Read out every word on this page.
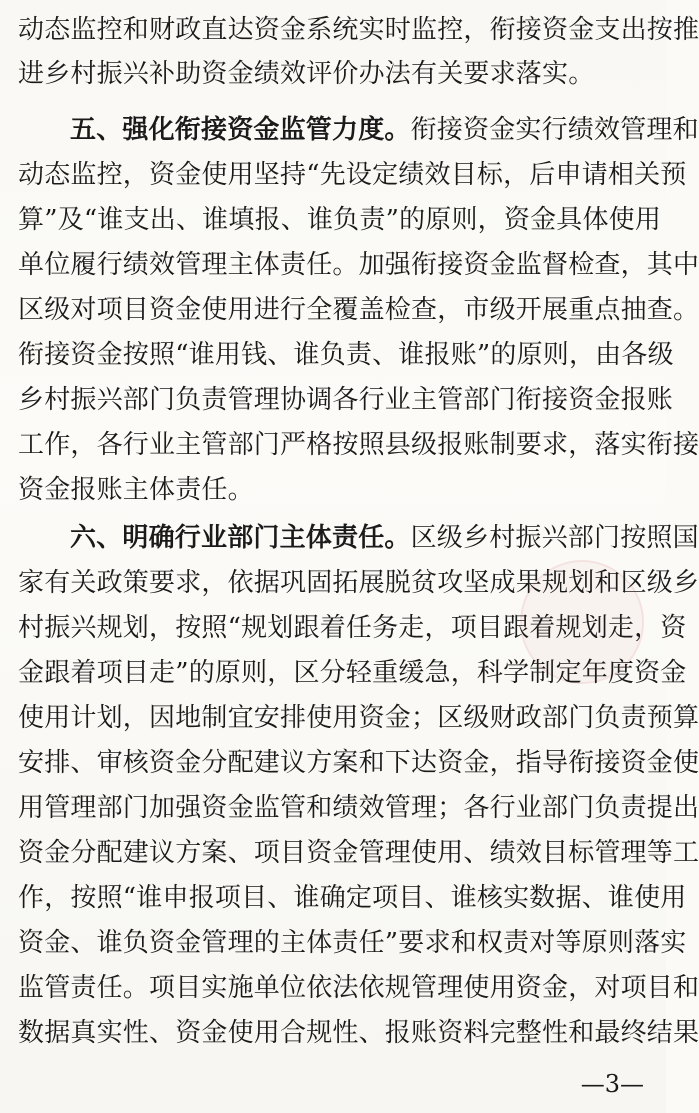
动态监控和财政直达资金系统实时监控，衔接资金支出按推
进乡村振兴补助资金绩效评价办法有关要求落实。
五、强化衔接资金监管力度。衔接资金实行绩效管理和
动态监控，资金使用坚持“先设定绩效目标，后申请相关预
算”及“谁支出、谁填报、谁负责”的原则，资金具体使用
单位履行绩效管理主体责任。加强衔接资金监督检查，其中
区级对项目资金使用进行全覆盖检查，市级开展重点抽查。
衔接资金按照“谁用钱、谁负责、谁报账”的原则，由各级
乡村振兴部门负责管理协调各行业主管部门衔接资金报账
工作，各行业主管部门严格按照县级报账制要求，落实衔接
资金报账主体责任。
六、明确行业部门主体责任。区级乡村振兴部门按照国
家有关政策要求，依据巩固拓展脱贫攻坚成果规划和区级乡
村振兴规划，按照“规划跟着任务走，项目跟着规划走，资
金跟着项目走”的原则，区分轻重缓急，科学制定年度资金
使用计划，因地制宜安排使用资金；区级财政部门负责预算
安排、审核资金分配建议方案和下达资金，指导衔接资金使
用管理部门加强资金监管和绩效管理；各行业部门负责提出
资金分配建议方案、项目资金管理使用、绩效目标管理等工
作，按照“谁申报项目、谁确定项目、谁核实数据、谁使用
资金、谁负资金管理的主体责任”要求和权责对等原则落实
监管责任。项目实施单位依法依规管理使用资金，对项目和
数据真实性、资金使用合规性、报账资料完整性和最终结果
—3—
